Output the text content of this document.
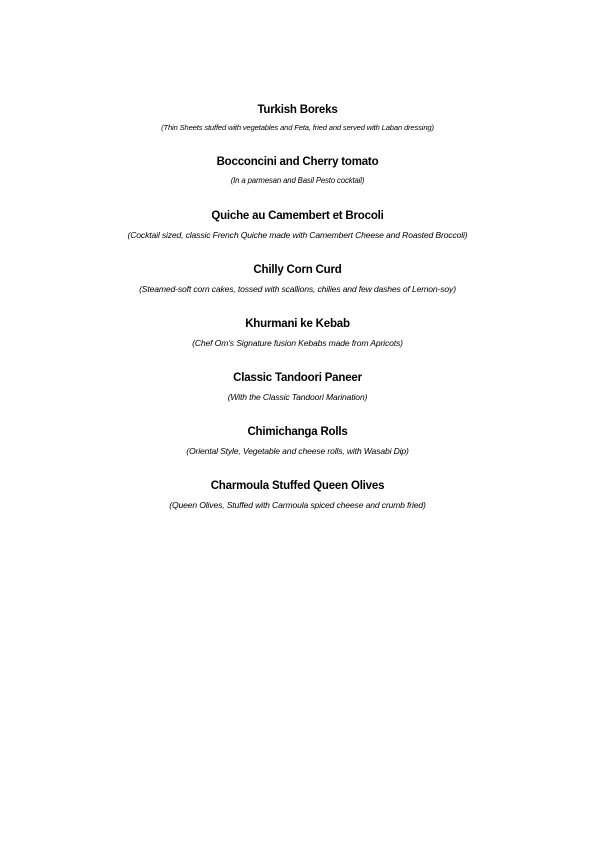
Turkish Boreks
(Thin Sheets stuffed with vegetables and Feta, fried and served with Laban dressing)
Bocconcini and Cherry tomato
(In a parmesan and Basil Pesto cocktail)
Quiche au Camembert et Brocoli
(Cocktail sized, classic French Quiche made with Camembert Cheese and Roasted Broccoli)
Chilly Corn Curd
(Steamed-soft corn cakes, tossed with scallions, chilies and few dashes of Lemon-soy)
Khurmani ke Kebab
(Chef Om’s Signature fusion Kebabs made from Apricots)
Classic Tandoori Paneer
(With the Classic Tandoori Marination)
Chimichanga Rolls
(Oriental Style, Vegetable and cheese rolls, with Wasabi Dip)
Charmoula Stuffed Queen Olives
(Queen Olives, Stuffed with Carmoula spiced cheese and crumb fried)
